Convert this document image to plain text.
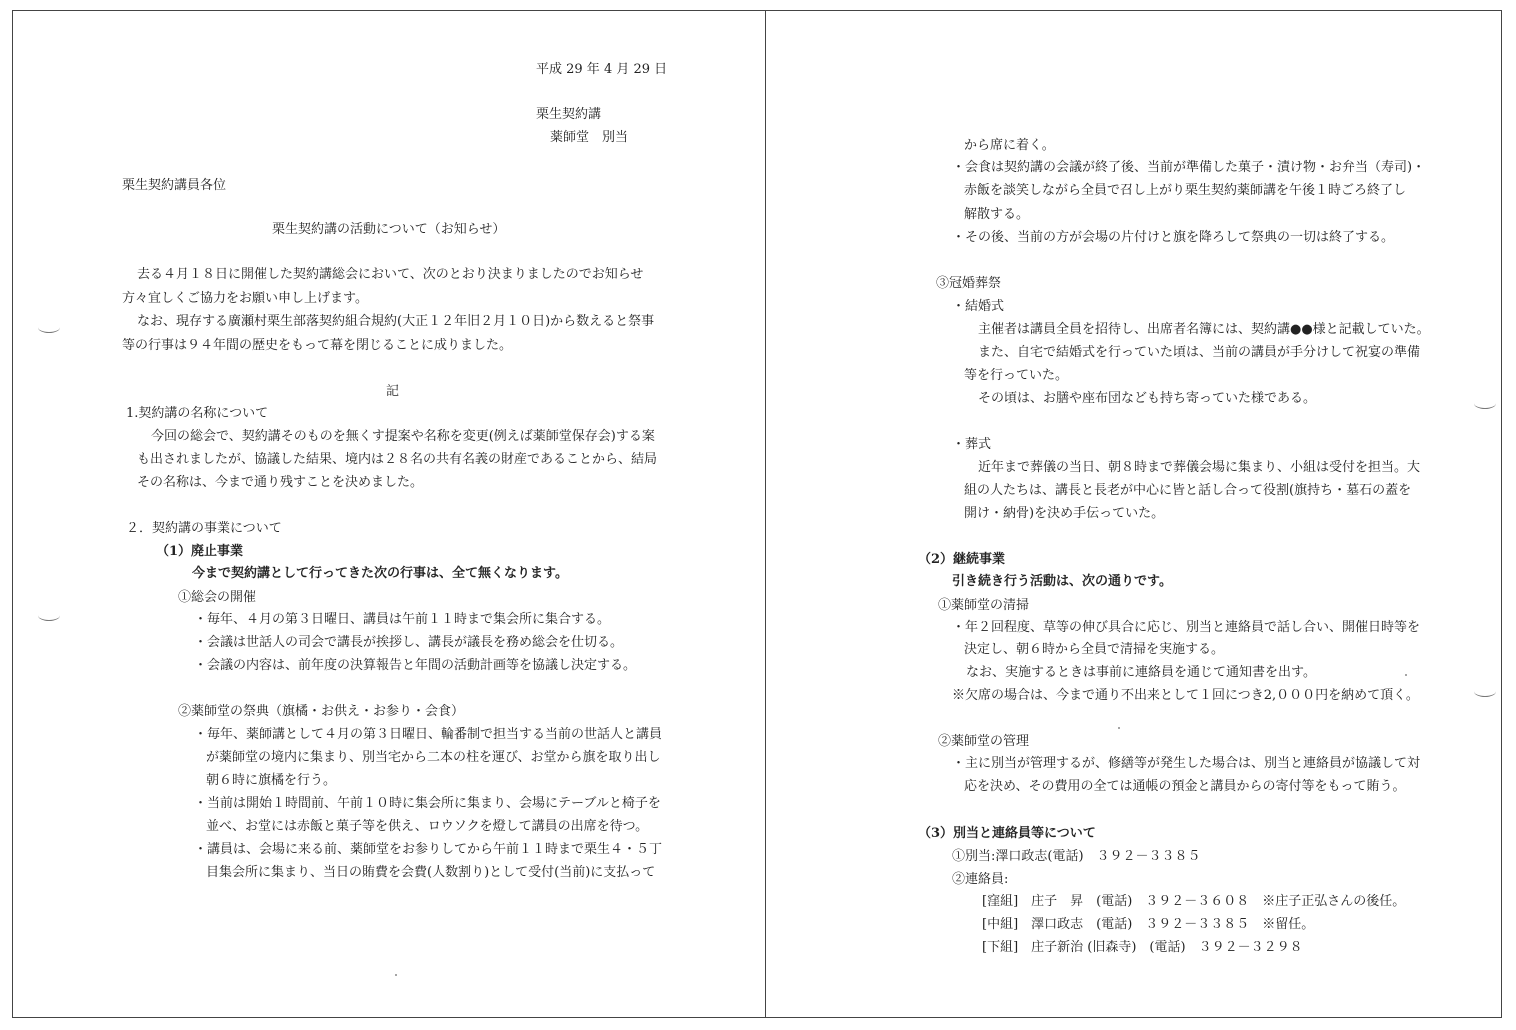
平成 29 年 4 月 29 日
栗生契約講
薬師堂　別当
栗生契約講員各位
栗生契約講の活動について（お知らせ）
去る４月１８日に開催した契約講総会において、次のとおり決まりましたのでお知らせ
方々宜しくご協力をお願い申し上げます。
なお、現存する廣瀬村栗生部落契約組合規約(大正１２年旧２月１０日)から数えると祭事
等の行事は９４年間の歴史をもって幕を閉じることに成りました。
記
1.契約講の名称について
今回の総会で、契約講そのものを無くす提案や名称を変更(例えば薬師堂保存会)する案
も出されましたが、協議した結果、境内は２８名の共有名義の財産であることから、結局
その名称は、今まで通り残すことを決めました。
２．契約講の事業について
（1）廃止事業
今まで契約講として行ってきた次の行事は、全て無くなります。
①総会の開催
・毎年、４月の第３日曜日、講員は午前１１時まで集会所に集合する。
・会議は世話人の司会で講長が挨拶し、講長が議長を務め総会を仕切る。
・会議の内容は、前年度の決算報告と年間の活動計画等を協議し決定する。
②薬師堂の祭典（旗橘・お供え・お参り・会食）
・毎年、薬師講として４月の第３日曜日、輪番制で担当する当前の世話人と講員
が薬師堂の境内に集まり、別当宅から二本の柱を運び、お堂から旗を取り出し
朝６時に旗橘を行う。
・当前は開始１時間前、午前１０時に集会所に集まり、会場にテーブルと椅子を
並べ、お堂には赤飯と菓子等を供え、ロウソクを燈して講員の出席を待つ。
・講員は、会場に来る前、薬師堂をお参りしてから午前１１時まで栗生４・５丁
目集会所に集まり、当日の賄費を会費(人数割り)として受付(当前)に支払って
から席に着く。
・会食は契約講の会議が終了後、当前が準備した菓子・漬け物・お弁当（寿司)・
赤飯を談笑しながら全員で召し上がり栗生契約薬師講を午後１時ごろ終了し
解散する。
・その後、当前の方が会場の片付けと旗を降ろして祭典の一切は終了する。
③冠婚葬祭
・結婚式
主催者は講員全員を招待し、出席者名簿には、契約講●●様と記載していた。
また、自宅で結婚式を行っていた頃は、当前の講員が手分けして祝宴の準備
等を行っていた。
その頃は、お膳や座布団なども持ち寄っていた様である。
・葬式
近年まで葬儀の当日、朝８時まで葬儀会場に集まり、小組は受付を担当。大
組の人たちは、講長と長老が中心に皆と話し合って役割(旗持ち・墓石の蓋を
開け・納骨)を決め手伝っていた。
（2）継続事業
引き続き行う活動は、次の通りです。
①薬師堂の清掃
・年２回程度、草等の伸び具合に応じ、別当と連絡員で話し合い、開催日時等を
決定し、朝６時から全員で清掃を実施する。
なお、実施するときは事前に連絡員を通じて通知書を出す。
※欠席の場合は、今まで通り不出来として１回につき2,０００円を納めて頂く。
②薬師堂の管理
・主に別当が管理するが、修繕等が発生した場合は、別当と連絡員が協議して対
応を決め、その費用の全ては通帳の預金と講員からの寄付等をもって賄う。
（3）別当と連絡員等について
①別当:澤口政志(電話)　３９２－３３８５
②連絡員:
[窪組]　庄子　昇　(電話)　３９２－３６０８　※庄子正弘さんの後任。
[中組]　澤口政志　(電話)　３９２－３３８５　※留任。
[下組]　庄子新治 (旧森寺)　(電話)　３９２－３２９８
